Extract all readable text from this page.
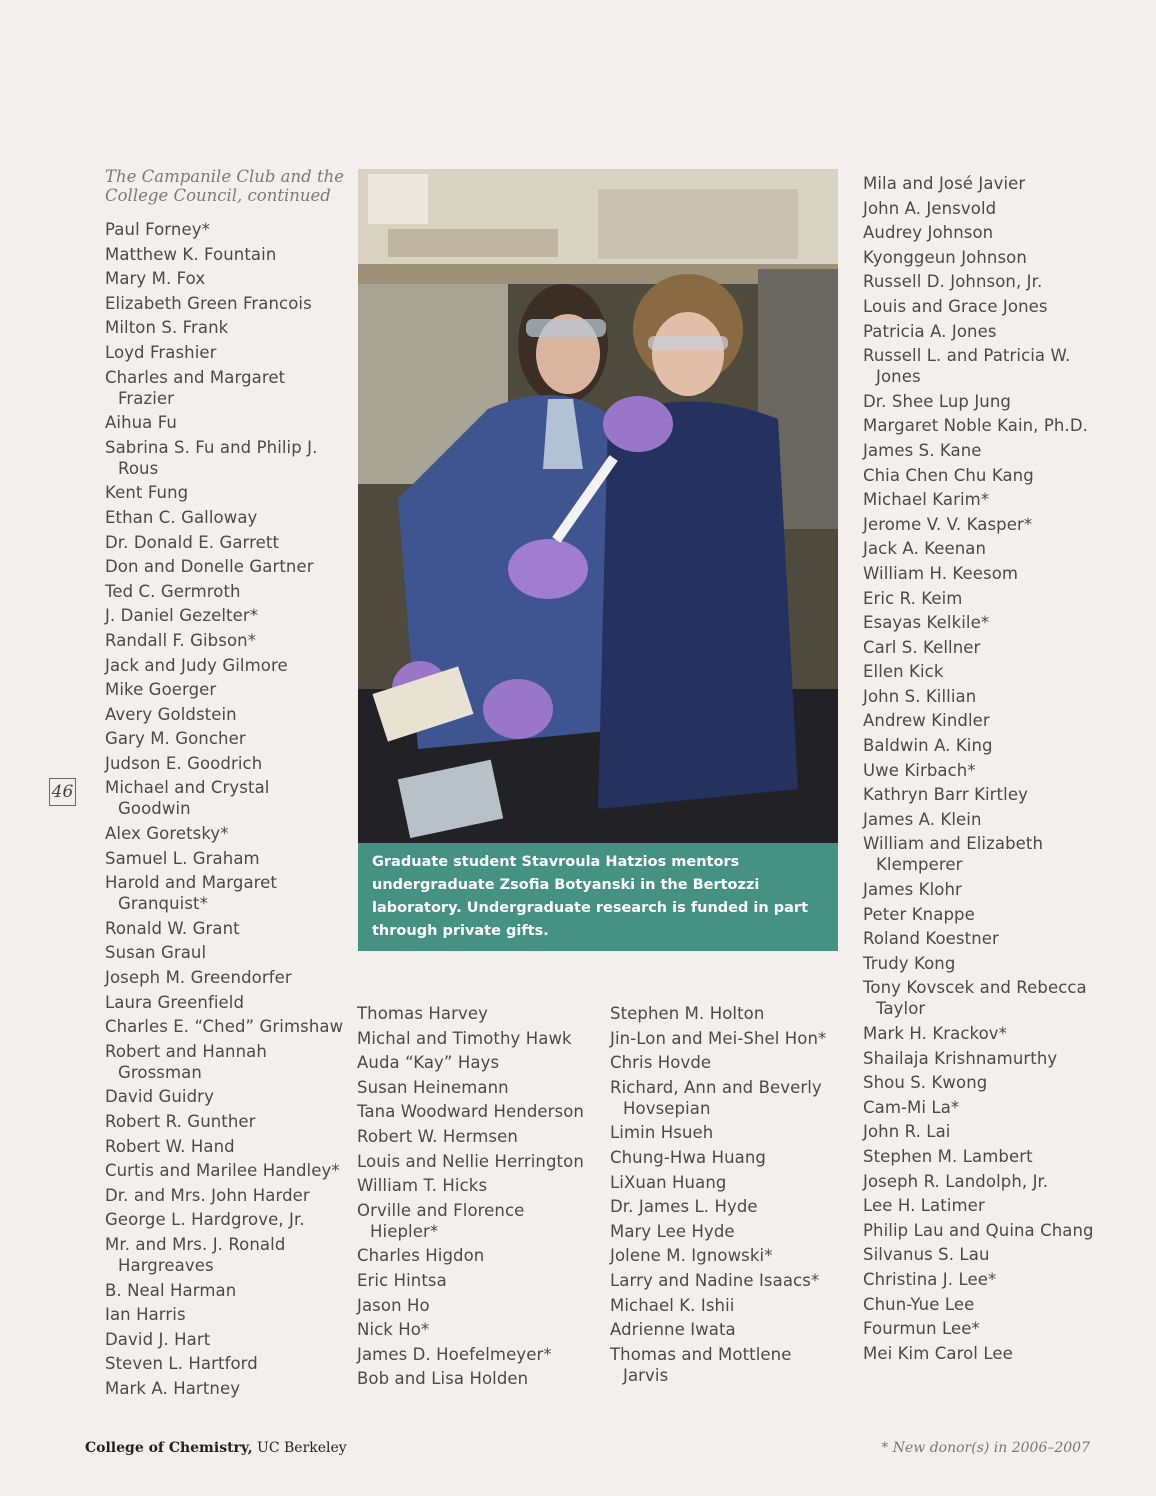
The Campanile Club and the College Council, continued

Paul Forney*
Matthew K. Fountain
Mary M. Fox
Elizabeth Green Francois
Milton S. Frank
Loyd Frashier
Charles and Margaret Frazier
Aihua Fu
Sabrina S. Fu and Philip J. Rous
Kent Fung
Ethan C. Galloway
Dr. Donald E. Garrett
Don and Donelle Gartner
Ted C. Germroth
J. Daniel Gezelter*
Randall F. Gibson*
Jack and Judy Gilmore
Mike Goerger
Avery Goldstein
Gary M. Goncher
Judson E. Goodrich
Michael and Crystal Goodwin
Alex Goretsky*
Samuel L. Graham
Harold and Margaret Granquist*
Ronald W. Grant
Susan Graul
Joseph M. Greendorfer
Laura Greenfield
Charles E. “Ched” Grimshaw
Robert and Hannah Grossman
David Guidry
Robert R. Gunther
Robert W. Hand
Curtis and Marilee Handley*
Dr. and Mrs. John Harder
George L. Hardgrove, Jr.
Mr. and Mrs. J. Ronald Hargreaves
B. Neal Harman
Ian Harris
David J. Hart
Steven L. Hartford
Mark A. Hartney
46
Graduate student Stavroula Hatzios mentors undergraduate Zsofia Botyanski in the Bertozzi laboratory. Undergraduate research is funded in part through private gifts.
Thomas Harvey
Michal and Timothy Hawk
Auda “Kay” Hays
Susan Heinemann
Tana Woodward Henderson
Robert W. Hermsen
Louis and Nellie Herrington
William T. Hicks
Orville and Florence Hiepler*
Charles Higdon
Eric Hintsa
Jason Ho
Nick Ho*
James D. Hoefelmeyer*
Bob and Lisa Holden
Stephen M. Holton
Jin-Lon and Mei-Shel Hon*
Chris Hovde
Richard, Ann and Beverly Hovsepian
Limin Hsueh
Chung-Hwa Huang
LiXuan Huang
Dr. James L. Hyde
Mary Lee Hyde
Jolene M. Ignowski*
Larry and Nadine Isaacs*
Michael K. Ishii
Adrienne Iwata
Thomas and Mottlene Jarvis
Mila and José Javier
John A. Jensvold
Audrey Johnson
Kyonggeun Johnson
Russell D. Johnson, Jr.
Louis and Grace Jones
Patricia A. Jones
Russell L. and Patricia W. Jones
Dr. Shee Lup Jung
Margaret Noble Kain, Ph.D.
James S. Kane
Chia Chen Chu Kang
Michael Karim*
Jerome V. V. Kasper*
Jack A. Keenan
William H. Keesom
Eric R. Keim
Esayas Kelkile*
Carl S. Kellner
Ellen Kick
John S. Killian
Andrew Kindler
Baldwin A. King
Uwe Kirbach*
Kathryn Barr Kirtley
James A. Klein
William and Elizabeth Klemperer
James Klohr
Peter Knappe
Roland Koestner
Trudy Kong
Tony Kovscek and Rebecca Taylor
Mark H. Krackov*
Shailaja Krishnamurthy
Shou S. Kwong
Cam-Mi La*
John R. Lai
Stephen M. Lambert
Joseph R. Landolph, Jr.
Lee H. Latimer
Philip Lau and Quina Chang
Silvanus S. Lau
Christina J. Lee*
Chun-Yue Lee
Fourmun Lee*
Mei Kim Carol Lee
College of Chemistry, UC Berkeley	* New donor(s) in 2006–2007
